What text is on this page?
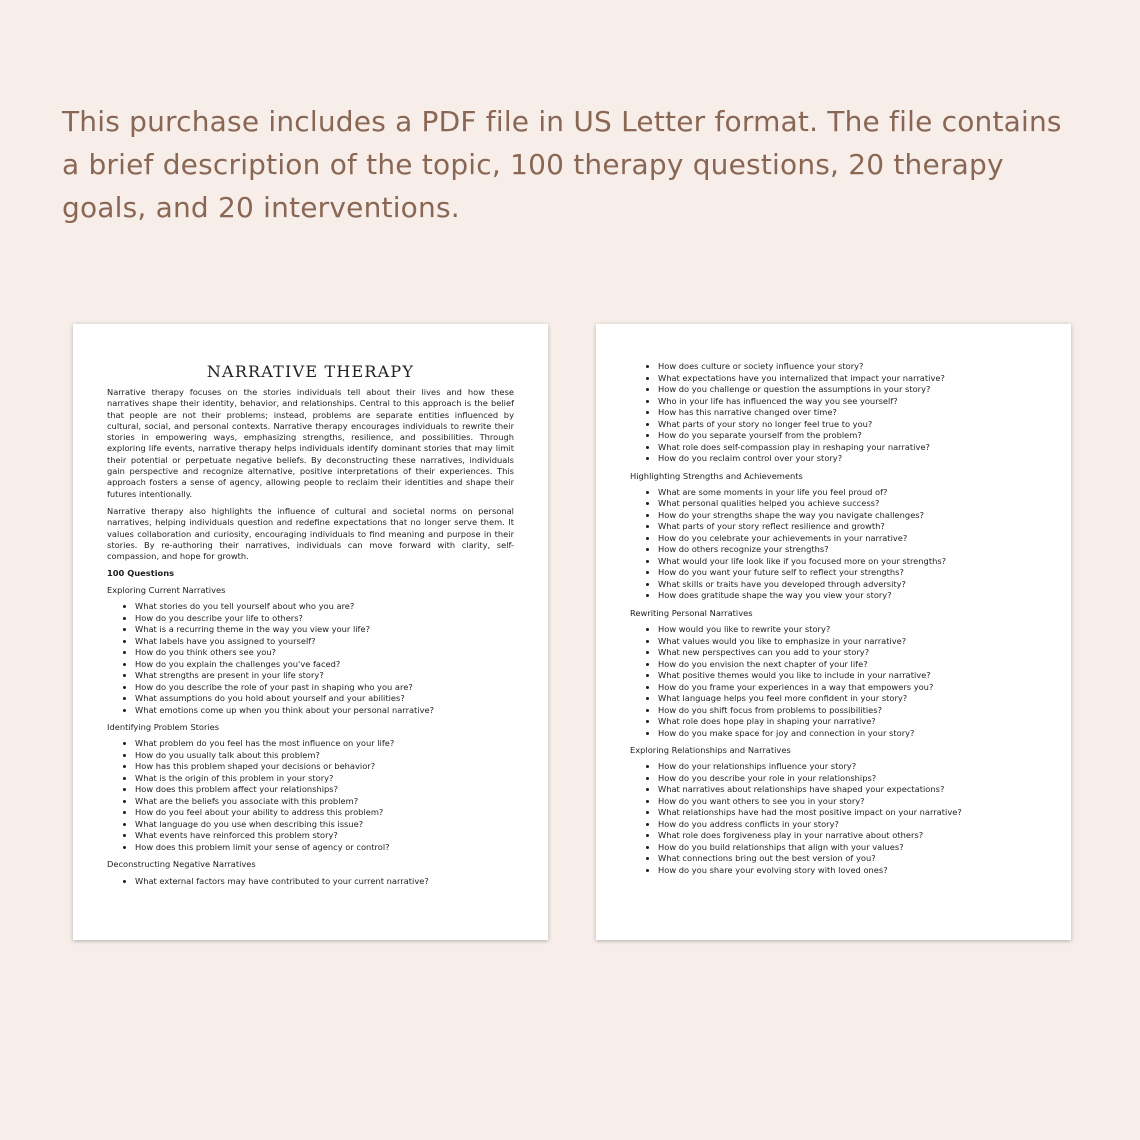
This purchase includes a PDF file in US Letter format. The file contains a brief description of the topic, 100 therapy questions, 20 therapy goals, and 20 interventions.

NARRATIVE THERAPY

Narrative therapy focuses on the stories individuals tell about their lives and how these narratives shape their identity, behavior, and relationships. Central to this approach is the belief that people are not their problems; instead, problems are separate entities influenced by cultural, social, and personal contexts. Narrative therapy encourages individuals to rewrite their stories in empowering ways, emphasizing strengths, resilience, and possibilities. Through exploring life events, narrative therapy helps individuals identify dominant stories that may limit their potential or perpetuate negative beliefs. By deconstructing these narratives, individuals gain perspective and recognize alternative, positive interpretations of their experiences. This approach fosters a sense of agency, allowing people to reclaim their identities and shape their futures intentionally.

Narrative therapy also highlights the influence of cultural and societal norms on personal narratives, helping individuals question and redefine expectations that no longer serve them. It values collaboration and curiosity, encouraging individuals to find meaning and purpose in their stories. By re-authoring their narratives, individuals can move forward with clarity, self-compassion, and hope for growth.

100 Questions

Exploring Current Narratives

• What stories do you tell yourself about who you are?
• How do you describe your life to others?
• What is a recurring theme in the way you view your life?
• What labels have you assigned to yourself?
• How do you think others see you?
• How do you explain the challenges you've faced?
• What strengths are present in your life story?
• How do you describe the role of your past in shaping who you are?
• What assumptions do you hold about yourself and your abilities?
• What emotions come up when you think about your personal narrative?

Identifying Problem Stories

• What problem do you feel has the most influence on your life?
• How do you usually talk about this problem?
• How has this problem shaped your decisions or behavior?
• What is the origin of this problem in your story?
• How does this problem affect your relationships?
• What are the beliefs you associate with this problem?
• How do you feel about your ability to address this problem?
• What language do you use when describing this issue?
• What events have reinforced this problem story?
• How does this problem limit your sense of agency or control?

Deconstructing Negative Narratives

• What external factors may have contributed to your current narrative?
• How does culture or society influence your story?
• What expectations have you internalized that impact your narrative?
• How do you challenge or question the assumptions in your story?
• Who in your life has influenced the way you see yourself?
• How has this narrative changed over time?
• What parts of your story no longer feel true to you?
• How do you separate yourself from the problem?
• What role does self-compassion play in reshaping your narrative?
• How do you reclaim control over your story?

Highlighting Strengths and Achievements

• What are some moments in your life you feel proud of?
• What personal qualities helped you achieve success?
• How do your strengths shape the way you navigate challenges?
• What parts of your story reflect resilience and growth?
• How do you celebrate your achievements in your narrative?
• How do others recognize your strengths?
• What would your life look like if you focused more on your strengths?
• How do you want your future self to reflect your strengths?
• What skills or traits have you developed through adversity?
• How does gratitude shape the way you view your story?

Rewriting Personal Narratives

• How would you like to rewrite your story?
• What values would you like to emphasize in your narrative?
• What new perspectives can you add to your story?
• How do you envision the next chapter of your life?
• What positive themes would you like to include in your narrative?
• How do you frame your experiences in a way that empowers you?
• What language helps you feel more confident in your story?
• How do you shift focus from problems to possibilities?
• What role does hope play in shaping your narrative?
• How do you make space for joy and connection in your story?

Exploring Relationships and Narratives

• How do your relationships influence your story?
• How do you describe your role in your relationships?
• What narratives about relationships have shaped your expectations?
• How do you want others to see you in your story?
• What relationships have had the most positive impact on your narrative?
• How do you address conflicts in your story?
• What role does forgiveness play in your narrative about others?
• How do you build relationships that align with your values?
• What connections bring out the best version of you?
• How do you share your evolving story with loved ones?
